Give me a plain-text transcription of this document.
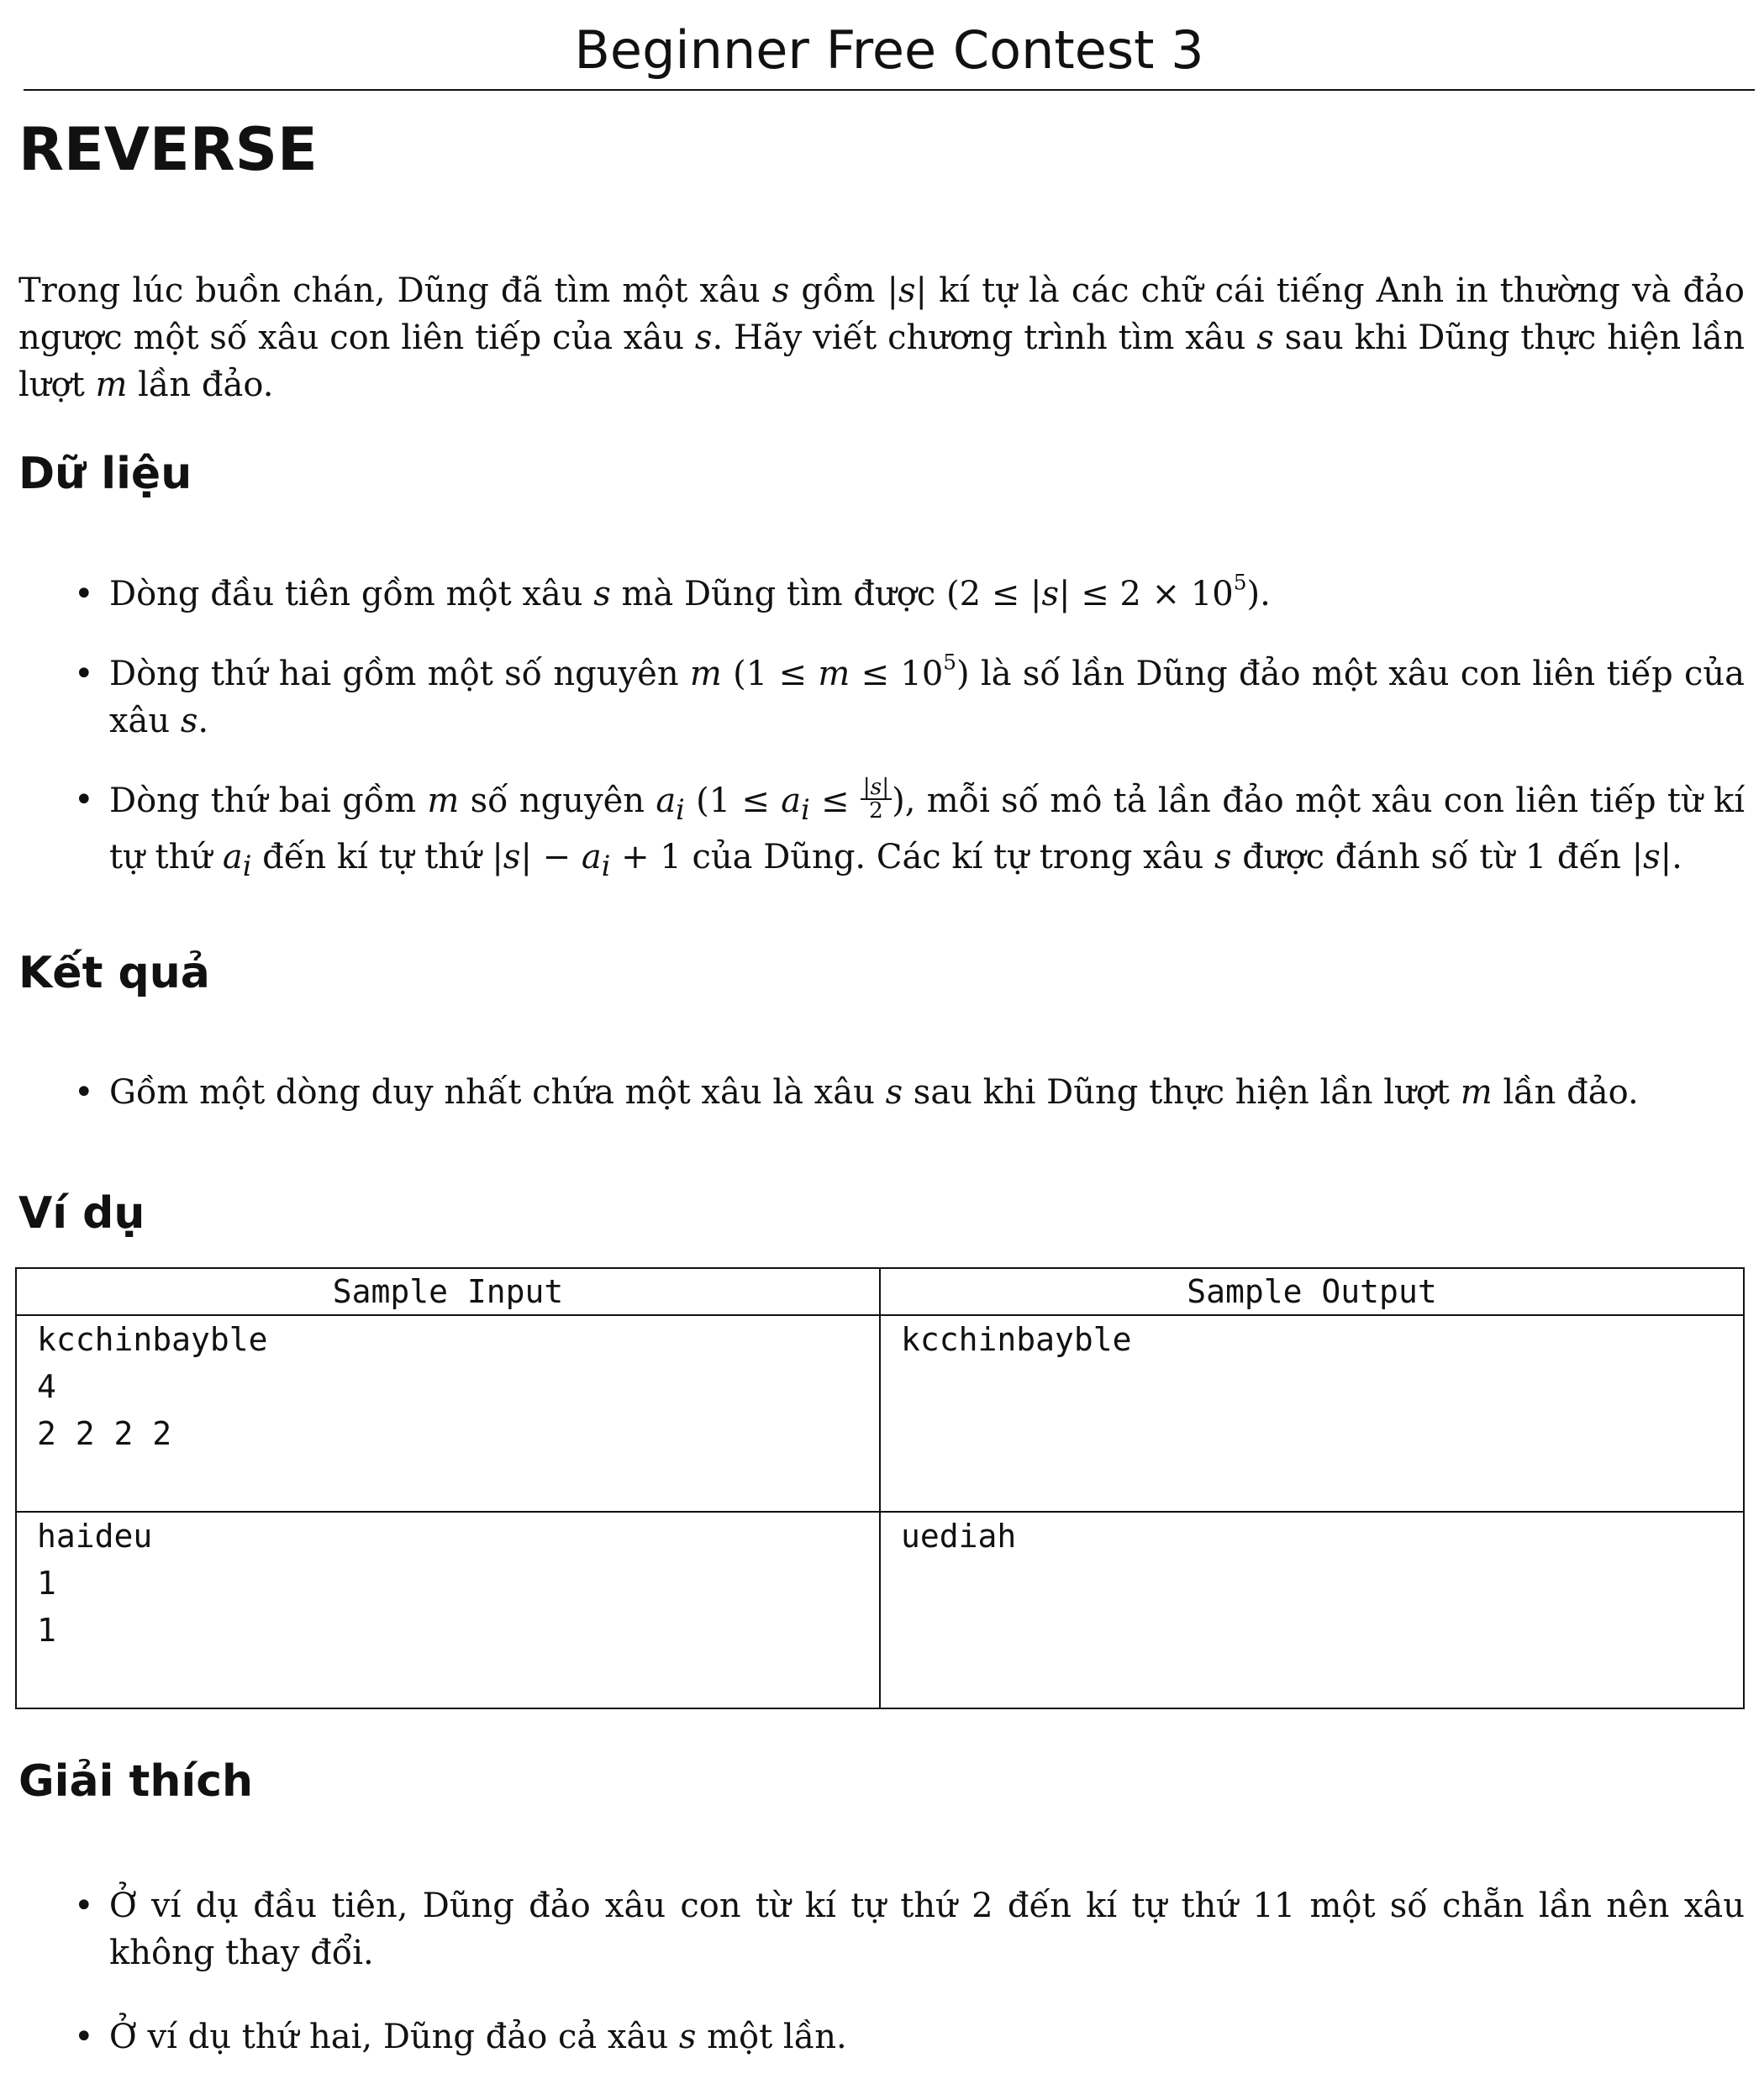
Beginner Free Contest 3
REVERSE

Trong lúc buồn chán, Dũng đã tìm một xâu s gồm |s| kí tự là các chữ cái tiếng Anh in thường và đảo ngược một số xâu con liên tiếp của xâu s. Hãy viết chương trình tìm xâu s sau khi Dũng thực hiện lần lượt m lần đảo.

Dữ liệu
• Dòng đầu tiên gồm một xâu s mà Dũng tìm được $(2 \le |s| \le 2 \times 10^5)$.
• Dòng thứ hai gồm một số nguyên m $(1 \le m \le 10^5)$ là số lần Dũng đảo một xâu con liên tiếp của xâu s.
• Dòng thứ bai gồm m số nguyên $a_i$ ($1 \le a_i \le \frac{|s|}{2}$ ), mỗi số mô tả lần đảo một xâu con liên tiếp từ kí tự thứ $a_i$ đến kí tự thứ $|s| - a_i + 1$ của Dũng. Các kí tự trong xâu s được đánh số từ 1 đến |s|.
Kết quả
• Gồm một dòng duy nhất chứa một xâu là xâu s sau khi Dũng thực hiện lần lượt m lần đảo.
Ví dụ
Sample Input	Sample Output

kcchinbayble
4
2 2 2 2	kcchinbayble

haideu
1
1	uediah
Giải thích
• Ở ví dụ đầu tiên, Dũng đảo xâu con từ kí tự thứ 2 đến kí tự thứ 11 một số chẵn lần nên xâu không thay đổi.
• Ở ví dụ thứ hai, Dũng đảo cả xâu s một lần.
